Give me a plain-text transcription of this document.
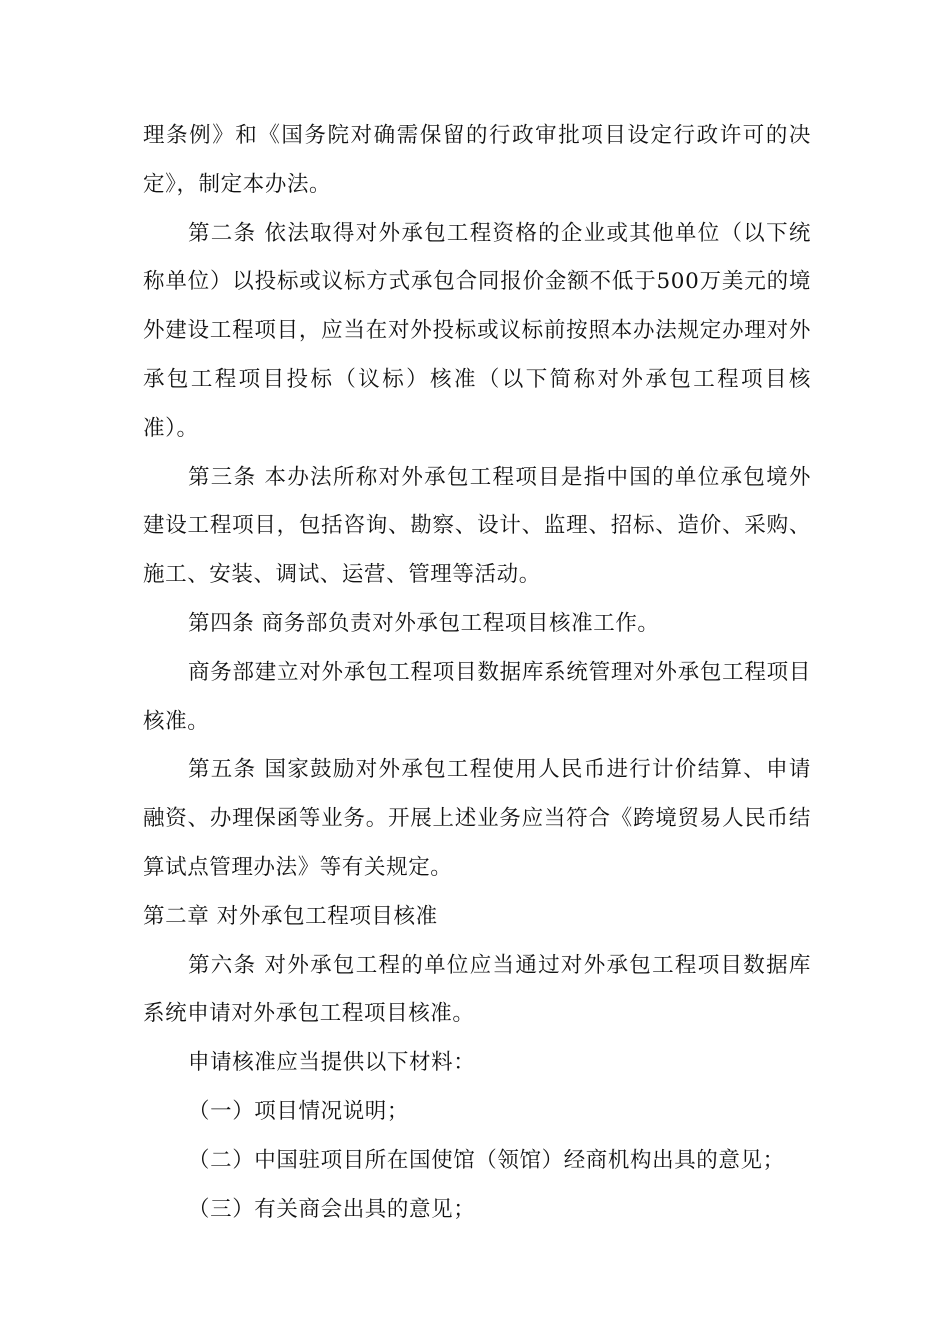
理条例》和《国务院对确需保留的行政审批项目设定行政许可的决定》，制定本办法。

第二条 依法取得对外承包工程资格的企业或其他单位（以下统称单位）以投标或议标方式承包合同报价金额不低于500万美元的境外建设工程项目，应当在对外投标或议标前按照本办法规定办理对外承包工程项目投标（议标）核准（以下简称对外承包工程项目核准）。

第三条 本办法所称对外承包工程项目是指中国的单位承包境外建设工程项目，包括咨询、勘察、设计、监理、招标、造价、采购、施工、安装、调试、运营、管理等活动。

第四条 商务部负责对外承包工程项目核准工作。

商务部建立对外承包工程项目数据库系统管理对外承包工程项目核准。

第五条 国家鼓励对外承包工程使用人民币进行计价结算、申请融资、办理保函等业务。开展上述业务应当符合《跨境贸易人民币结算试点管理办法》等有关规定。

第二章 对外承包工程项目核准

第六条 对外承包工程的单位应当通过对外承包工程项目数据库系统申请对外承包工程项目核准。

申请核准应当提供以下材料：

（一）项目情况说明；

（二）中国驻项目所在国使馆（领馆）经商机构出具的意见；

（三）有关商会出具的意见；
